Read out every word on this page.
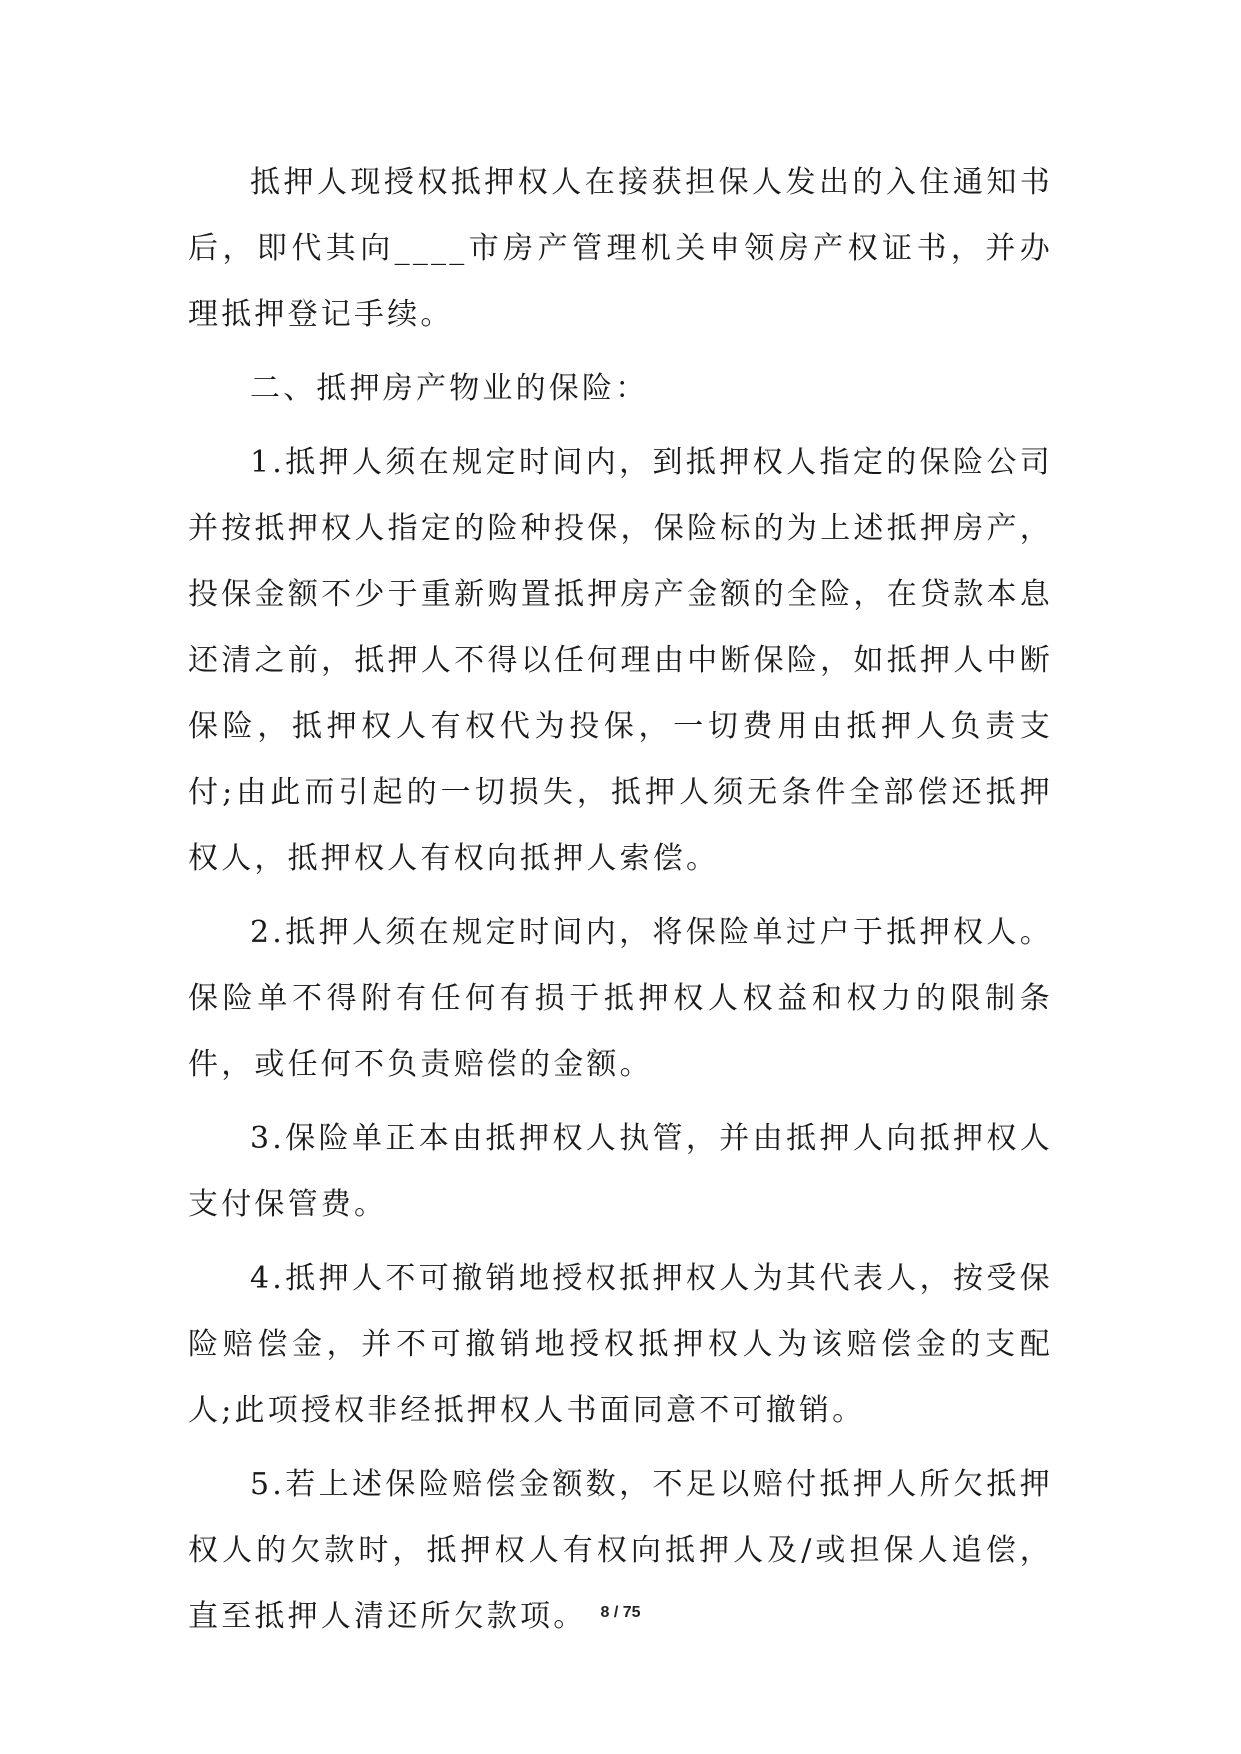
抵押人现授权抵押权人在接获担保人发出的入住通知书后，即代其向____市房产管理机关申领房产权证书，并办理抵押登记手续。

二、抵押房产物业的保险：

1.抵押人须在规定时间内，到抵押权人指定的保险公司并按抵押权人指定的险种投保，保险标的为上述抵押房产，投保金额不少于重新购置抵押房产金额的全险，在贷款本息还清之前，抵押人不得以任何理由中断保险，如抵押人中断保险，抵押权人有权代为投保，一切费用由抵押人负责支付;由此而引起的一切损失，抵押人须无条件全部偿还抵押权人，抵押权人有权向抵押人索偿。

2.抵押人须在规定时间内，将保险单过户于抵押权人。保险单不得附有任何有损于抵押权人权益和权力的限制条件，或任何不负责赔偿的金额。

3.保险单正本由抵押权人执管，并由抵押人向抵押权人支付保管费。

4.抵押人不可撤销地授权抵押权人为其代表人，按受保险赔偿金，并不可撤销地授权抵押权人为该赔偿金的支配人;此项授权非经抵押权人书面同意不可撤销。

5.若上述保险赔偿金额数，不足以赔付抵押人所欠抵押权人的欠款时，抵押权人有权向抵押人及/或担保人追偿，直至抵押人清还所欠款项。 8 / 75
